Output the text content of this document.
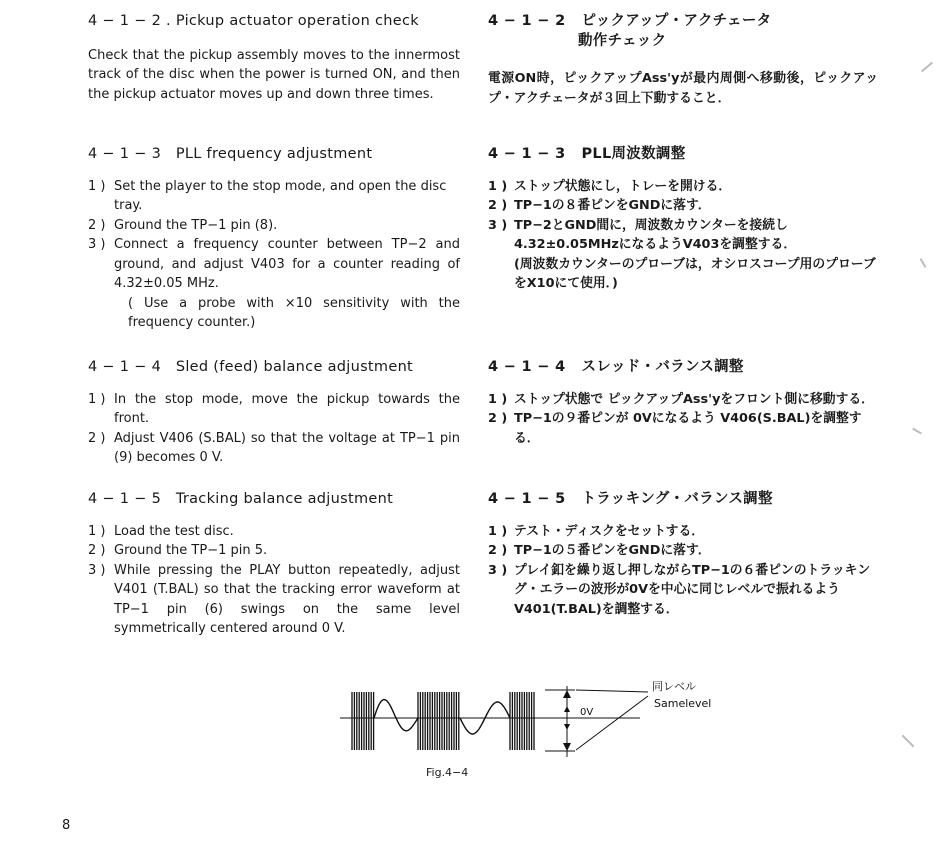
4 − 1 − 2 . Pickup actuator operation check

Check that the pickup assembly moves to the innermost track of the disc when the power is turned ON, and then the pickup actuator moves up and down three times.

4 − 1 − 3   PLL frequency adjustment

1 ) Set the player to the stop mode, and open the disc tray.

2 ) Ground the TP−1 pin (8).

3 ) Connect a frequency counter between TP−2 and ground, and adjust V403 for a counter reading of 4.32±0.05 MHz.

( Use a probe with ×10 sensitivity with the frequency counter.)

4 − 1 − 4   Sled (feed) balance adjustment

1 ) In the stop mode, move the pickup towards the front.

2 ) Adjust V406 (S.BAL) so that the voltage at TP−1 pin (9) becomes 0 V.

4 − 1 − 5   Tracking balance adjustment

1 ) Load the test disc.

2 ) Ground the TP−1 pin 5.

3 ) While pressing the PLAY button repeatedly, adjust V401 (T.BAL) so that the tracking error waveform at TP−1 pin (6) swings on the same level symmetrically centered around 0 V.

4 − 1 − 2   ピックアップ・アクチェータ
動作チェック

電源ON時，ピックアップAss'yが最内周側へ移動後，ピックアップ・アクチェータが３回上下動すること．

4 − 1 − 3   PLL周波数調整

1 ) ストップ状態にし，トレーを開ける．

2 ) TP−1の８番ピンをGNDに落す．

3 ) TP−2とGND間に，周波数カウンターを接続し4.32±0.05MHzになるようV403を調整する．

(周波数カウンターのプローブは，オシロスコープ用のプローブをX10にて使用．)

4 − 1 − 4   スレッド・バランス調整

1 ) ストップ状態で ピックアップAss'yをフロント側に移動する．

2 ) TP−1の９番ピンが 0Vになるよう V406(S.BAL)を調整する．

4 − 1 − 5   トラッキング・バランス調整

1 ) テスト・ディスクをセットする．

2 ) TP−1の５番ピンをGNDに落す．

3 ) プレイ釦を繰り返し押しながらTP−1の６番ピンのトラッキング・エラーの波形が0Vを中心に同じレベルで振れるようV401(T.BAL)を調整する．

0V
同レベル
Samelevel
Fig.4−4
8
